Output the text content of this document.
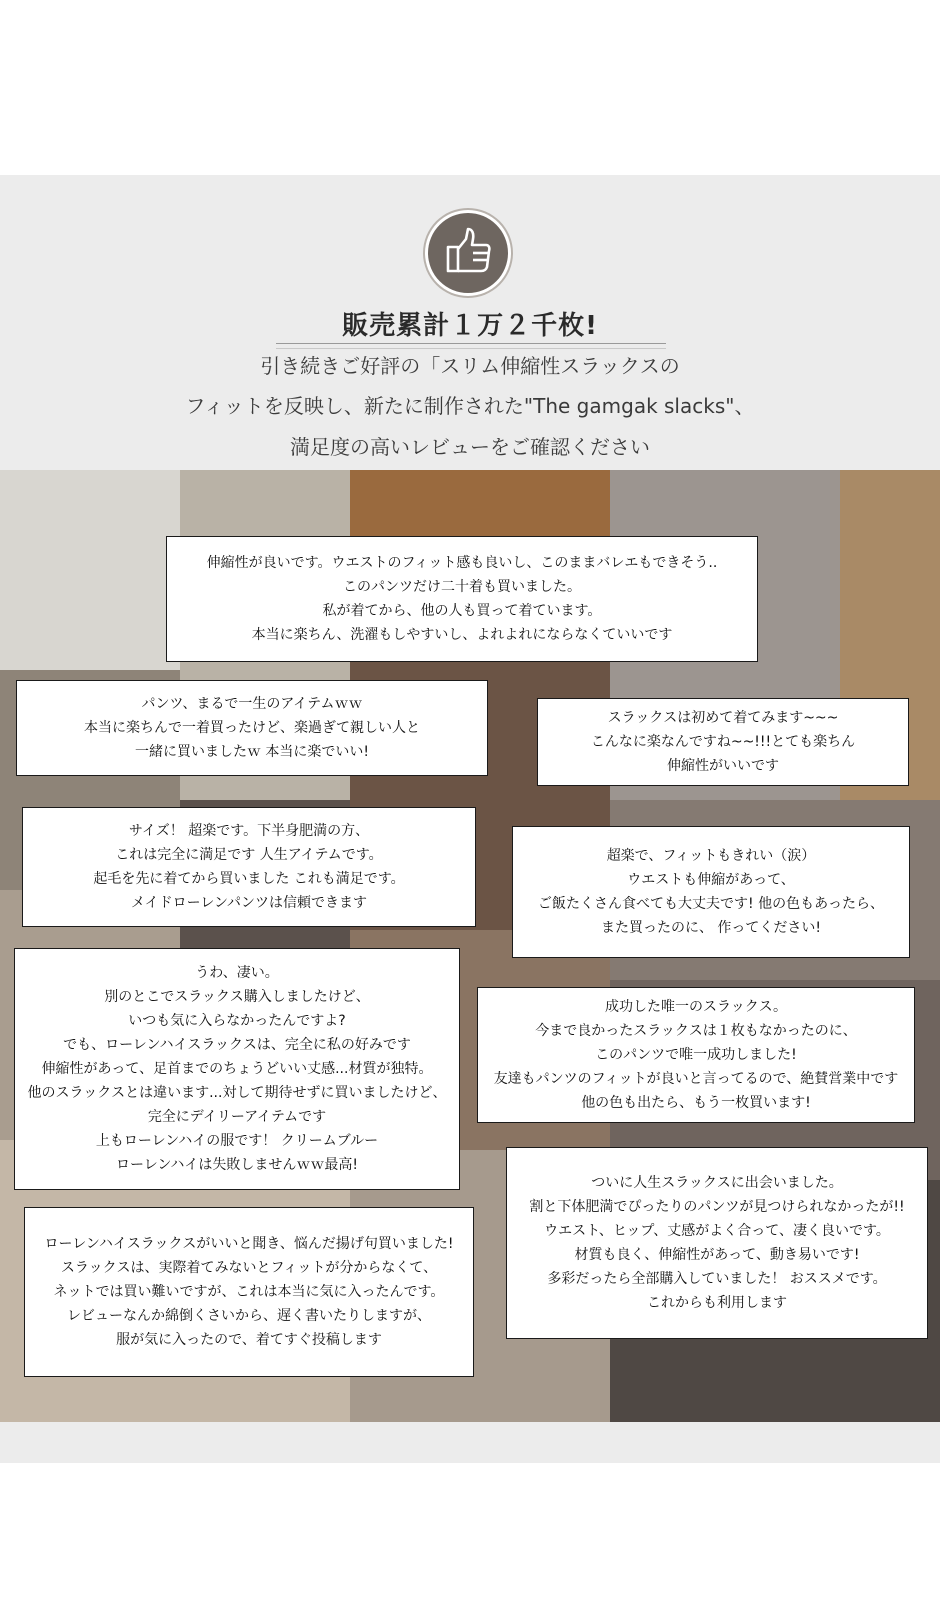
販売累計１万２千枚!
引き続きご好評の「スリム伸縮性スラックスの
フィットを反映し、新たに制作された"The gamgak slacks"、
満足度の高いレビューをご確認ください
伸縮性が良いです。ウエストのフィット感も良いし、このままバレエもできそう..
このパンツだけ二十着も買いました。
私が着てから、他の人も買って着ています。
本当に楽ちん、洗濯もしやすいし、よれよれにならなくていいです
パンツ、まるで一生のアイテムｗｗ
本当に楽ちんで一着買ったけど、楽過ぎて親しい人と
一緒に買いましたｗ 本当に楽でいい!
スラックスは初めて着てみます~~~
こんなに楽なんですね~~!!!とても楽ちん
伸縮性がいいです
サイズ！ 超楽です。下半身肥満の方、
これは完全に満足です 人生アイテムです。
起毛を先に着てから買いました これも満足です。
メイドローレンパンツは信頼できます
超楽で、フィットもきれい（涙）
ウエストも伸縮があって、
ご飯たくさん食べても大丈夫です! 他の色もあったら、
また買ったのに、 作ってください!
うわ、凄い。
別のとこでスラックス購入しましたけど、
いつも気に入らなかったんですよ?
でも、ローレンハイスラックスは、完全に私の好みです
伸縮性があって、足首までのちょうどいい丈感...材質が独特。
他のスラックスとは違います...対して期待せずに買いましたけど、
完全にデイリーアイテムです
上もローレンハイの服です！ クリームブルー
ローレンハイは失敗しませんｗｗ最高!
成功した唯一のスラックス。
今まで良かったスラックスは１枚もなかったのに、
このパンツで唯一成功しました!
友達もパンツのフィットが良いと言ってるので、絶賛営業中です
他の色も出たら、もう一枚買います!
ついに人生スラックスに出会いました。
割と下体肥満でぴったりのパンツが見つけられなかったが!!
ウエスト、ヒップ、丈感がよく合って、凄く良いです。
材質も良く、伸縮性があって、動き易いです!
多彩だったら全部購入していました！ おススメです。
これからも利用します
ローレンハイスラックスがいいと聞き、悩んだ揚げ句買いました!
スラックスは、実際着てみないとフィットが分からなくて、
ネットでは買い難いですが、これは本当に気に入ったんです。
レビューなんか綿倒くさいから、遅く書いたりしますが、
服が気に入ったので、着てすぐ投稿します
